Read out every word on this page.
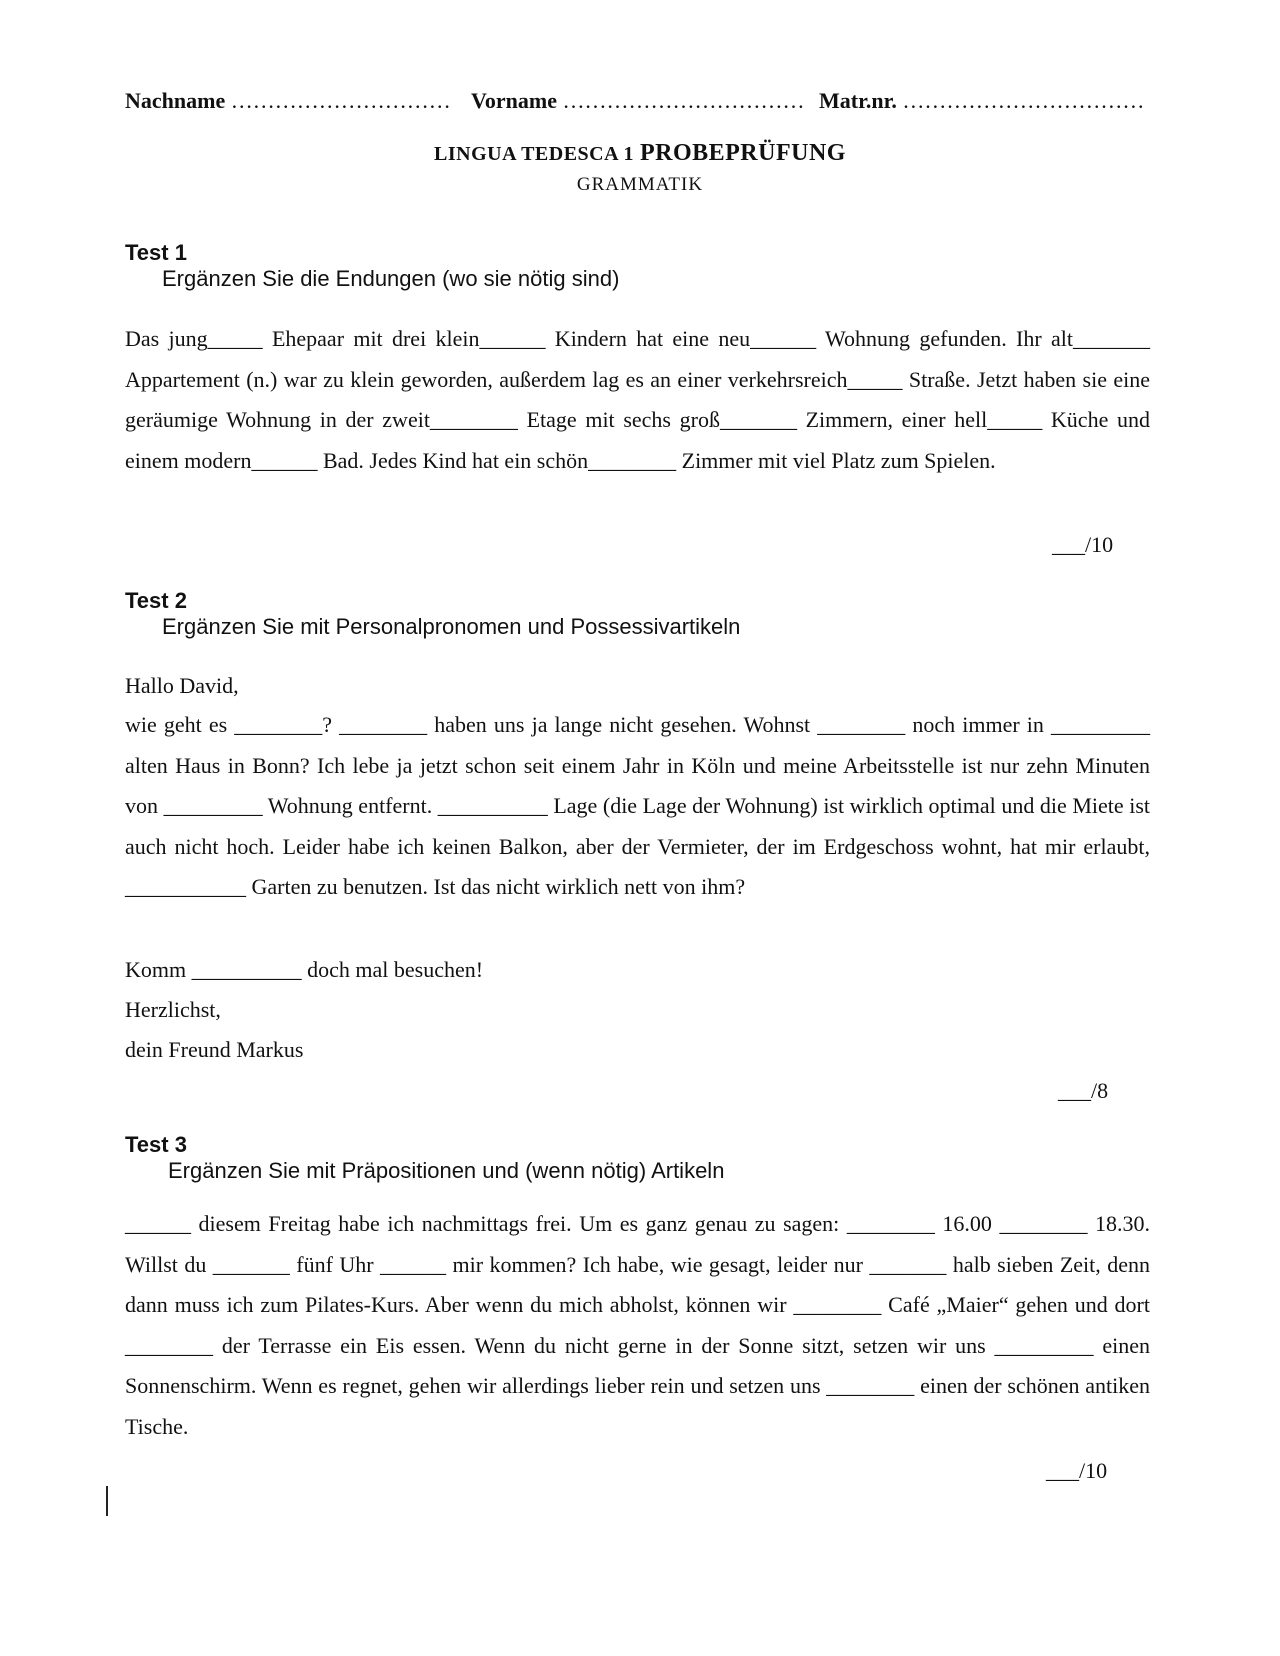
Nachname ………………………… Vorname …………………………… Matr.nr. ……………………………
LINGUA TEDESCA 1 PROBEPRÜFUNG
GRAMMATIK
Test 1
Ergänzen Sie die Endungen (wo sie nötig sind)
Das jung_____ Ehepaar mit drei klein______ Kindern hat eine neu______ Wohnung gefunden. Ihr alt_______ Appartement (n.) war zu klein geworden, außerdem lag es an einer verkehrsreich_____ Straße. Jetzt haben sie eine geräumige Wohnung in der zweit________ Etage mit sechs groß_______ Zimmern, einer hell_____ Küche und einem modern______ Bad. Jedes Kind hat ein schön________ Zimmer mit viel Platz zum Spielen.
___/10
Test 2
Ergänzen Sie mit Personalpronomen und Possessivartikeln
Hallo David,
wie geht es ________? ________ haben uns ja lange nicht gesehen. Wohnst ________ noch immer in _________ alten Haus in Bonn? Ich lebe ja jetzt schon seit einem Jahr in Köln und meine Arbeitsstelle ist nur zehn Minuten von _________ Wohnung entfernt. __________ Lage (die Lage der Wohnung) ist wirklich optimal und die Miete ist auch nicht hoch. Leider habe ich keinen Balkon, aber der Vermieter, der im Erdgeschoss wohnt, hat mir erlaubt, ___________ Garten zu benutzen. Ist das nicht wirklich nett von ihm?
Komm __________ doch mal besuchen!
Herzlichst,
dein Freund Markus
___/8
Test 3
Ergänzen Sie mit Präpositionen und (wenn nötig) Artikeln
______ diesem Freitag habe ich nachmittags frei. Um es ganz genau zu sagen: ________ 16.00 ________ 18.30. Willst du _______ fünf Uhr ______ mir kommen? Ich habe, wie gesagt, leider nur _______ halb sieben Zeit, denn dann muss ich zum Pilates-Kurs. Aber wenn du mich abholst, können wir ________ Café „Maier“ gehen und dort ________ der Terrasse ein Eis essen. Wenn du nicht gerne in der Sonne sitzt, setzen wir uns _________ einen Sonnenschirm. Wenn es regnet, gehen wir allerdings lieber rein und setzen uns ________ einen der schönen antiken Tische.
___/10
